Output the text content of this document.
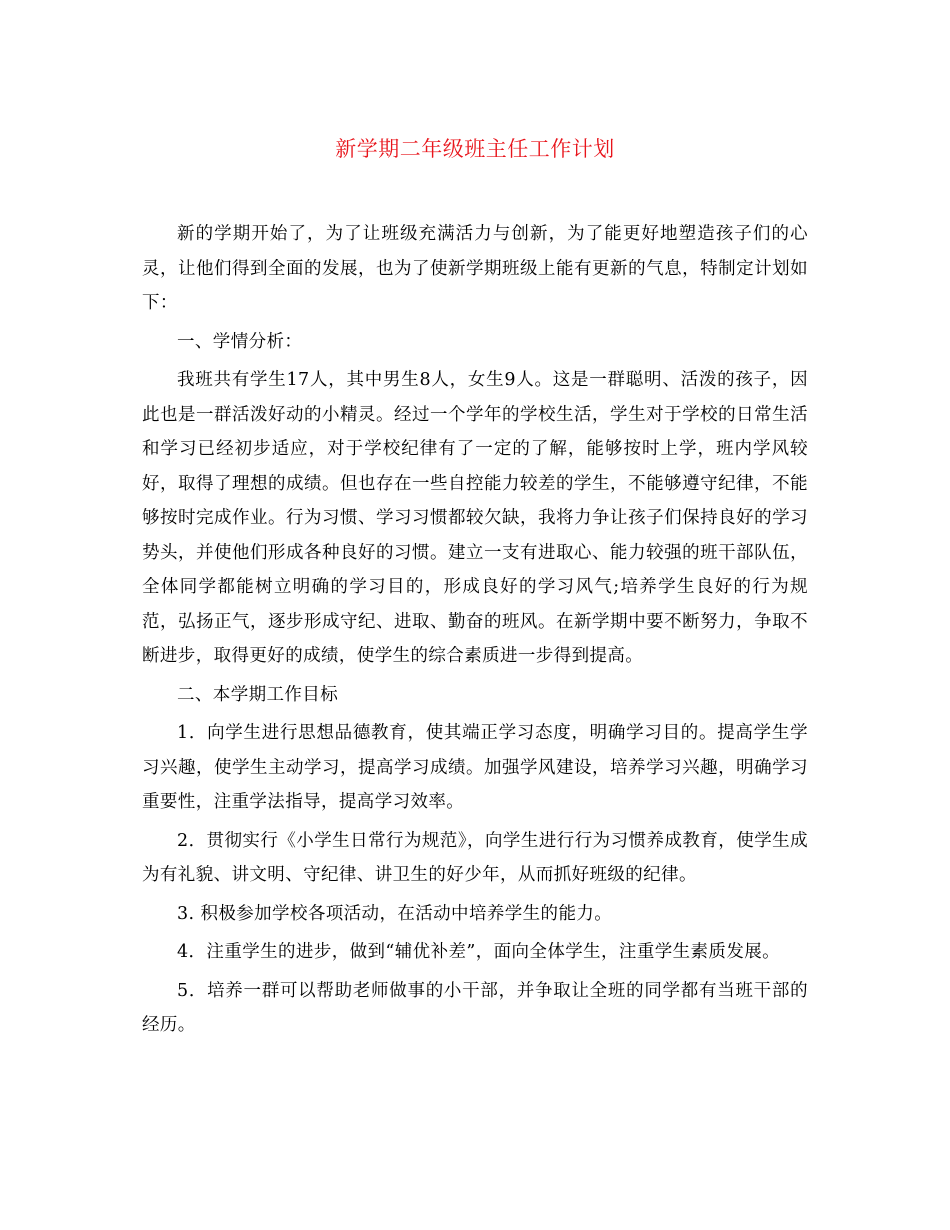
新学期二年级班主任工作计划

新的学期开始了，为了让班级充满活力与创新，为了能更好地塑造孩子们的心灵，让他们得到全面的发展，也为了使新学期班级上能有更新的气息，特制定计划如下：

一、学情分析：

我班共有学生17人，其中男生8人，女生9人。这是一群聪明、活泼的孩子，因此也是一群活泼好动的小精灵。经过一个学年的学校生活，学生对于学校的日常生活和学习已经初步适应，对于学校纪律有了一定的了解，能够按时上学，班内学风较好，取得了理想的成绩。但也存在一些自控能力较差的学生，不能够遵守纪律，不能够按时完成作业。行为习惯、学习习惯都较欠缺，我将力争让孩子们保持良好的学习势头，并使他们形成各种良好的习惯。建立一支有进取心、能力较强的班干部队伍，全体同学都能树立明确的学习目的，形成良好的学习风气;培养学生良好的行为规范，弘扬正气，逐步形成守纪、进取、勤奋的班风。在新学期中要不断努力，争取不断进步，取得更好的成绩，使学生的综合素质进一步得到提高。

二、本学期工作目标

1．向学生进行思想品德教育，使其端正学习态度，明确学习目的。提高学生学习兴趣，使学生主动学习，提高学习成绩。加强学风建设，培养学习兴趣，明确学习重要性，注重学法指导，提高学习效率。

2．贯彻实行《小学生日常行为规范》，向学生进行行为习惯养成教育，使学生成为有礼貌、讲文明、守纪律、讲卫生的好少年，从而抓好班级的纪律。

3. 积极参加学校各项活动，在活动中培养学生的能力。

4．注重学生的进步，做到“辅优补差”，面向全体学生，注重学生素质发展。

5．培养一群可以帮助老师做事的小干部，并争取让全班的同学都有当班干部的经历。
